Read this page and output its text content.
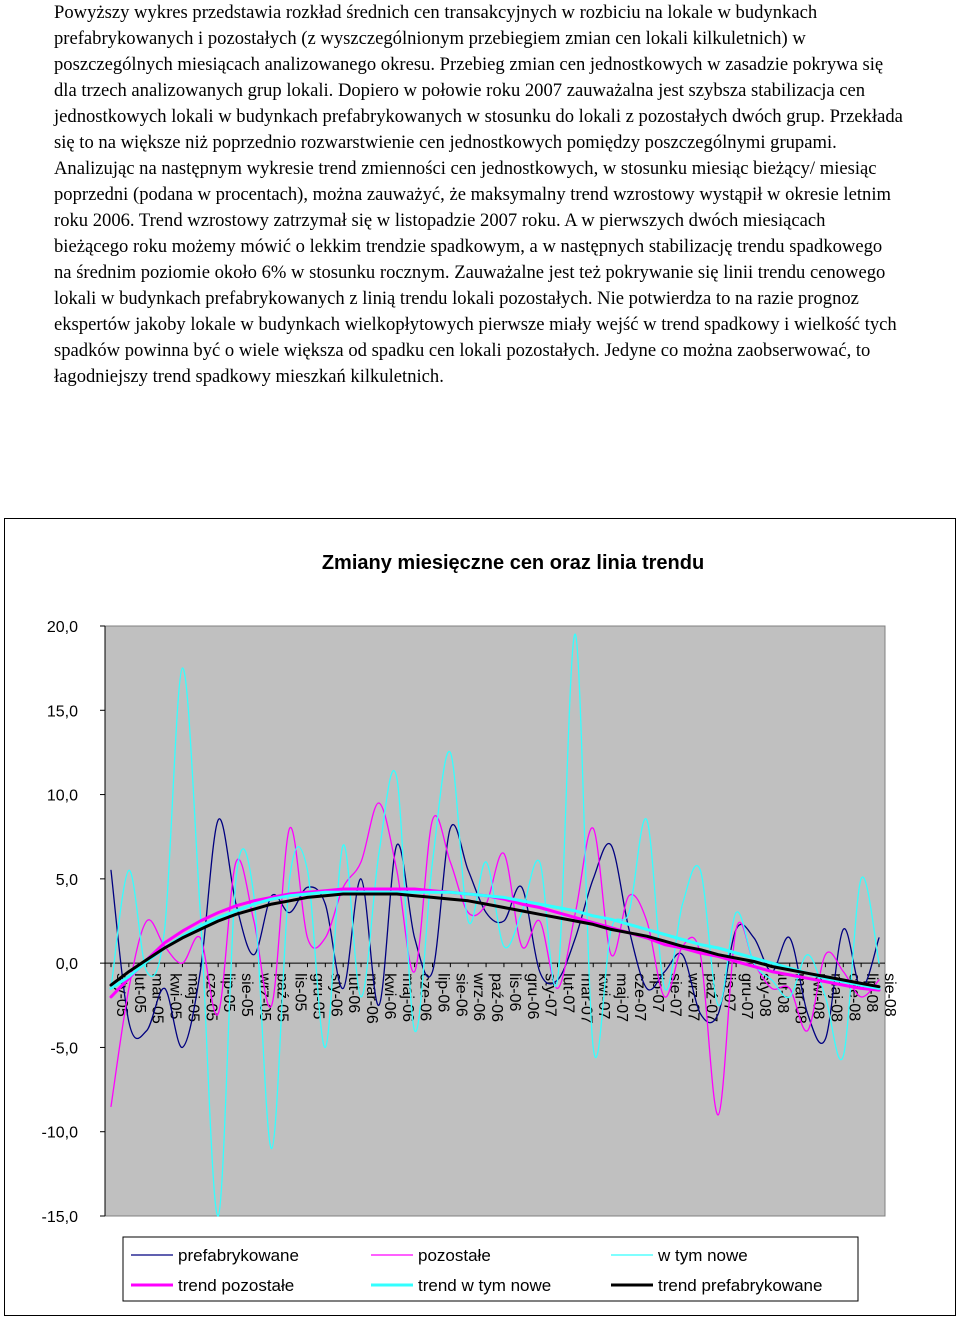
Powyższy wykres przedstawia rozkład średnich cen transakcyjnych w rozbiciu na lokale w budynkach prefabrykowanych i pozostałych (z wyszczególnionym przebiegiem zmian cen lokali kilkuletnich) w poszczególnych miesiącach analizowanego okresu. Przebieg zmian cen jednostkowych w zasadzie pokrywa się dla trzech analizowanych grup lokali. Dopiero w połowie roku 2007 zauważalna jest szybsza stabilizacja cen jednostkowych lokali w budynkach prefabrykowanych w stosunku do lokali z pozostałych dwóch grup. Przekłada się to na większe niż poprzednio rozwarstwienie cen jednostkowych pomiędzy poszczególnymi grupami.

Analizując na następnym wykresie trend zmienności cen jednostkowych, w stosunku miesiąc bieżący/ miesiąc poprzedni (podana w procentach), można zauważyć, że maksymalny trend wzrostowy wystąpił w okresie letnim roku 2006. Trend wzrostowy zatrzymał się w listopadzie 2007 roku. A w pierwszych dwóch miesiącach bieżącego roku możemy mówić o lekkim trendzie spadkowym, a w następnych stabilizację trendu spadkowego na średnim poziomie około 6% w stosunku rocznym. Zauważalne jest też pokrywanie się linii trendu cenowego lokali w budynkach prefabrykowanych z linią trendu lokali pozostałych. Nie potwierdza to na razie prognoz ekspertów jakoby lokale w budynkach wielkopłytowych pierwsze miały wejść w trend spadkowy i wielkość tych spadków powinna być o wiele większa od spadku cen lokali pozostałych. Jedyne co można zaobserwować, to łagodniejszy trend spadkowy mieszkań kilkuletnich.

Zmiany miesięczne cen oraz linia trendu
20,0
15,0
10,0
5,0
0,0
-5,0
-10,0
-15,0
sty-05 lut-05 mar-05 kwi-05 maj-05 cze-05 lip-05 sie-05 wrz-05 paź-05 lis-05 gru-05 sty-06 lut-06 mar-06 kwi-06 maj-06 cze-06 lip-06 sie-06 wrz-06 paź-06 lis-06 gru-06 sty-07 lut-07 mar-07 kwi-07 maj-07 cze-07 lip-07 sie-07 wrz-07 paź-07 lis-07 gru-07 sty-08 lut-08 mar-08 kwi-08 maj-08 cze-08 lip-08 sie-08
prefabrykowane	pozostałe	w tym nowe
trend pozostałe	trend w tym nowe	trend prefabrykowane
